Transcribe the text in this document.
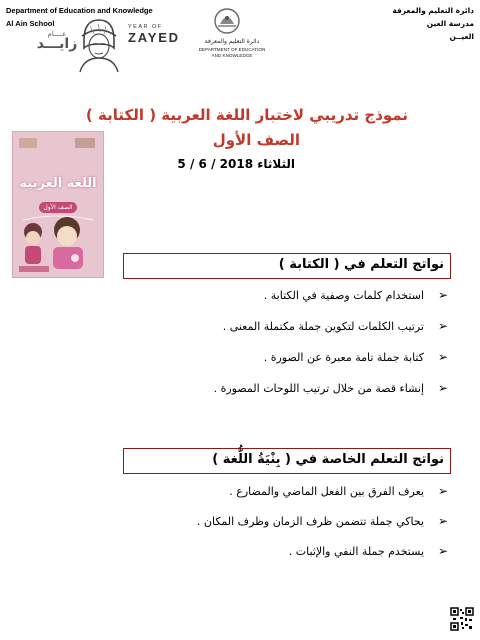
Department of Education and Knowledge
Al Ain School
دائرة التعليم والمعرفة
مدرسة العين
العيــن
عــــام
زايـــد
YEAR OF
ZAYED	دائرة التعليم والمعرفة
DEPARTMENT OF EDUCATION
AND KNOWLEDGE
نموذج تدريبي لاختبار اللغة العربية ( الكتابة )
الصف الأول
الثلاثاء 2018 / 6 / 5
اللغة العربية
الصف الأول
نواتج التعلم في ( الكتابة )
➢
استخدام كلمات وصفية في الكتابة .
➢
ترتيب الكلمات لتكوين جملة مكتملة المعنى .
➢
كتابة جملة تامة معبرة عن الصورة .
➢
إنشاء قصة من خلال ترتيب اللوحات المصورة .
نواتج التعلم الخاصة في ( بِنْيَةُ اللُّغة )
➢
يعرف الفرق بين الفعل الماضي والمضارع .
➢
يحاكي جملة تتضمن ظرف الزمان وظرف المكان .
➢
يستخدم جملة النفي والإثبات .
